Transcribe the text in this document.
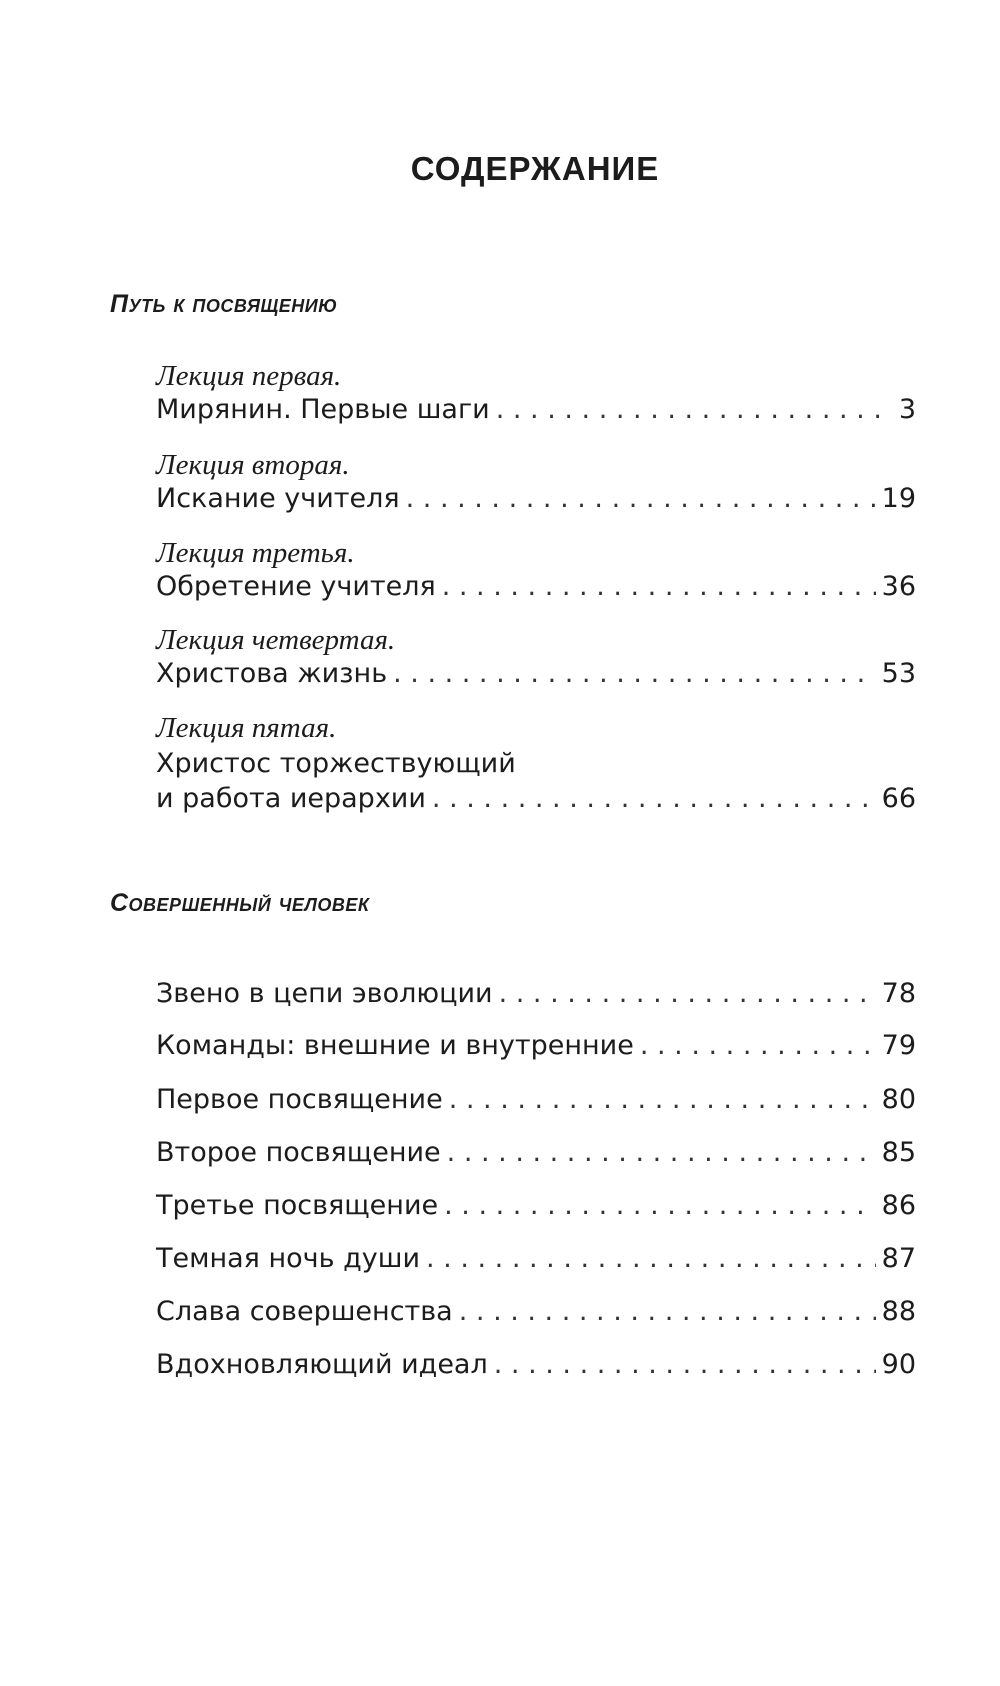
СОДЕРЖАНИЕ
Путь к посвящению
Лекция первая.
Мирянин. Первые шаги . . .	3
Лекция вторая.
Искание учителя . . .	19
Лекция третья.
Обретение учителя . . .	36
Лекция четвертая.
Христова жизнь . . .	53
Лекция пятая.
Христос торжествующий
и работа иерархии . . .	66
Совершенный человек
Звено в цепи эволюции . . .	78
Команды: внешние и внутренние . . .	79
Первое посвящение . . .	80
Второе посвящение . . .	85
Третье посвящение . . .	86
Темная ночь души . . .	87
Слава совершенства . . .	88
Вдохновляющий идеал . . .	90
